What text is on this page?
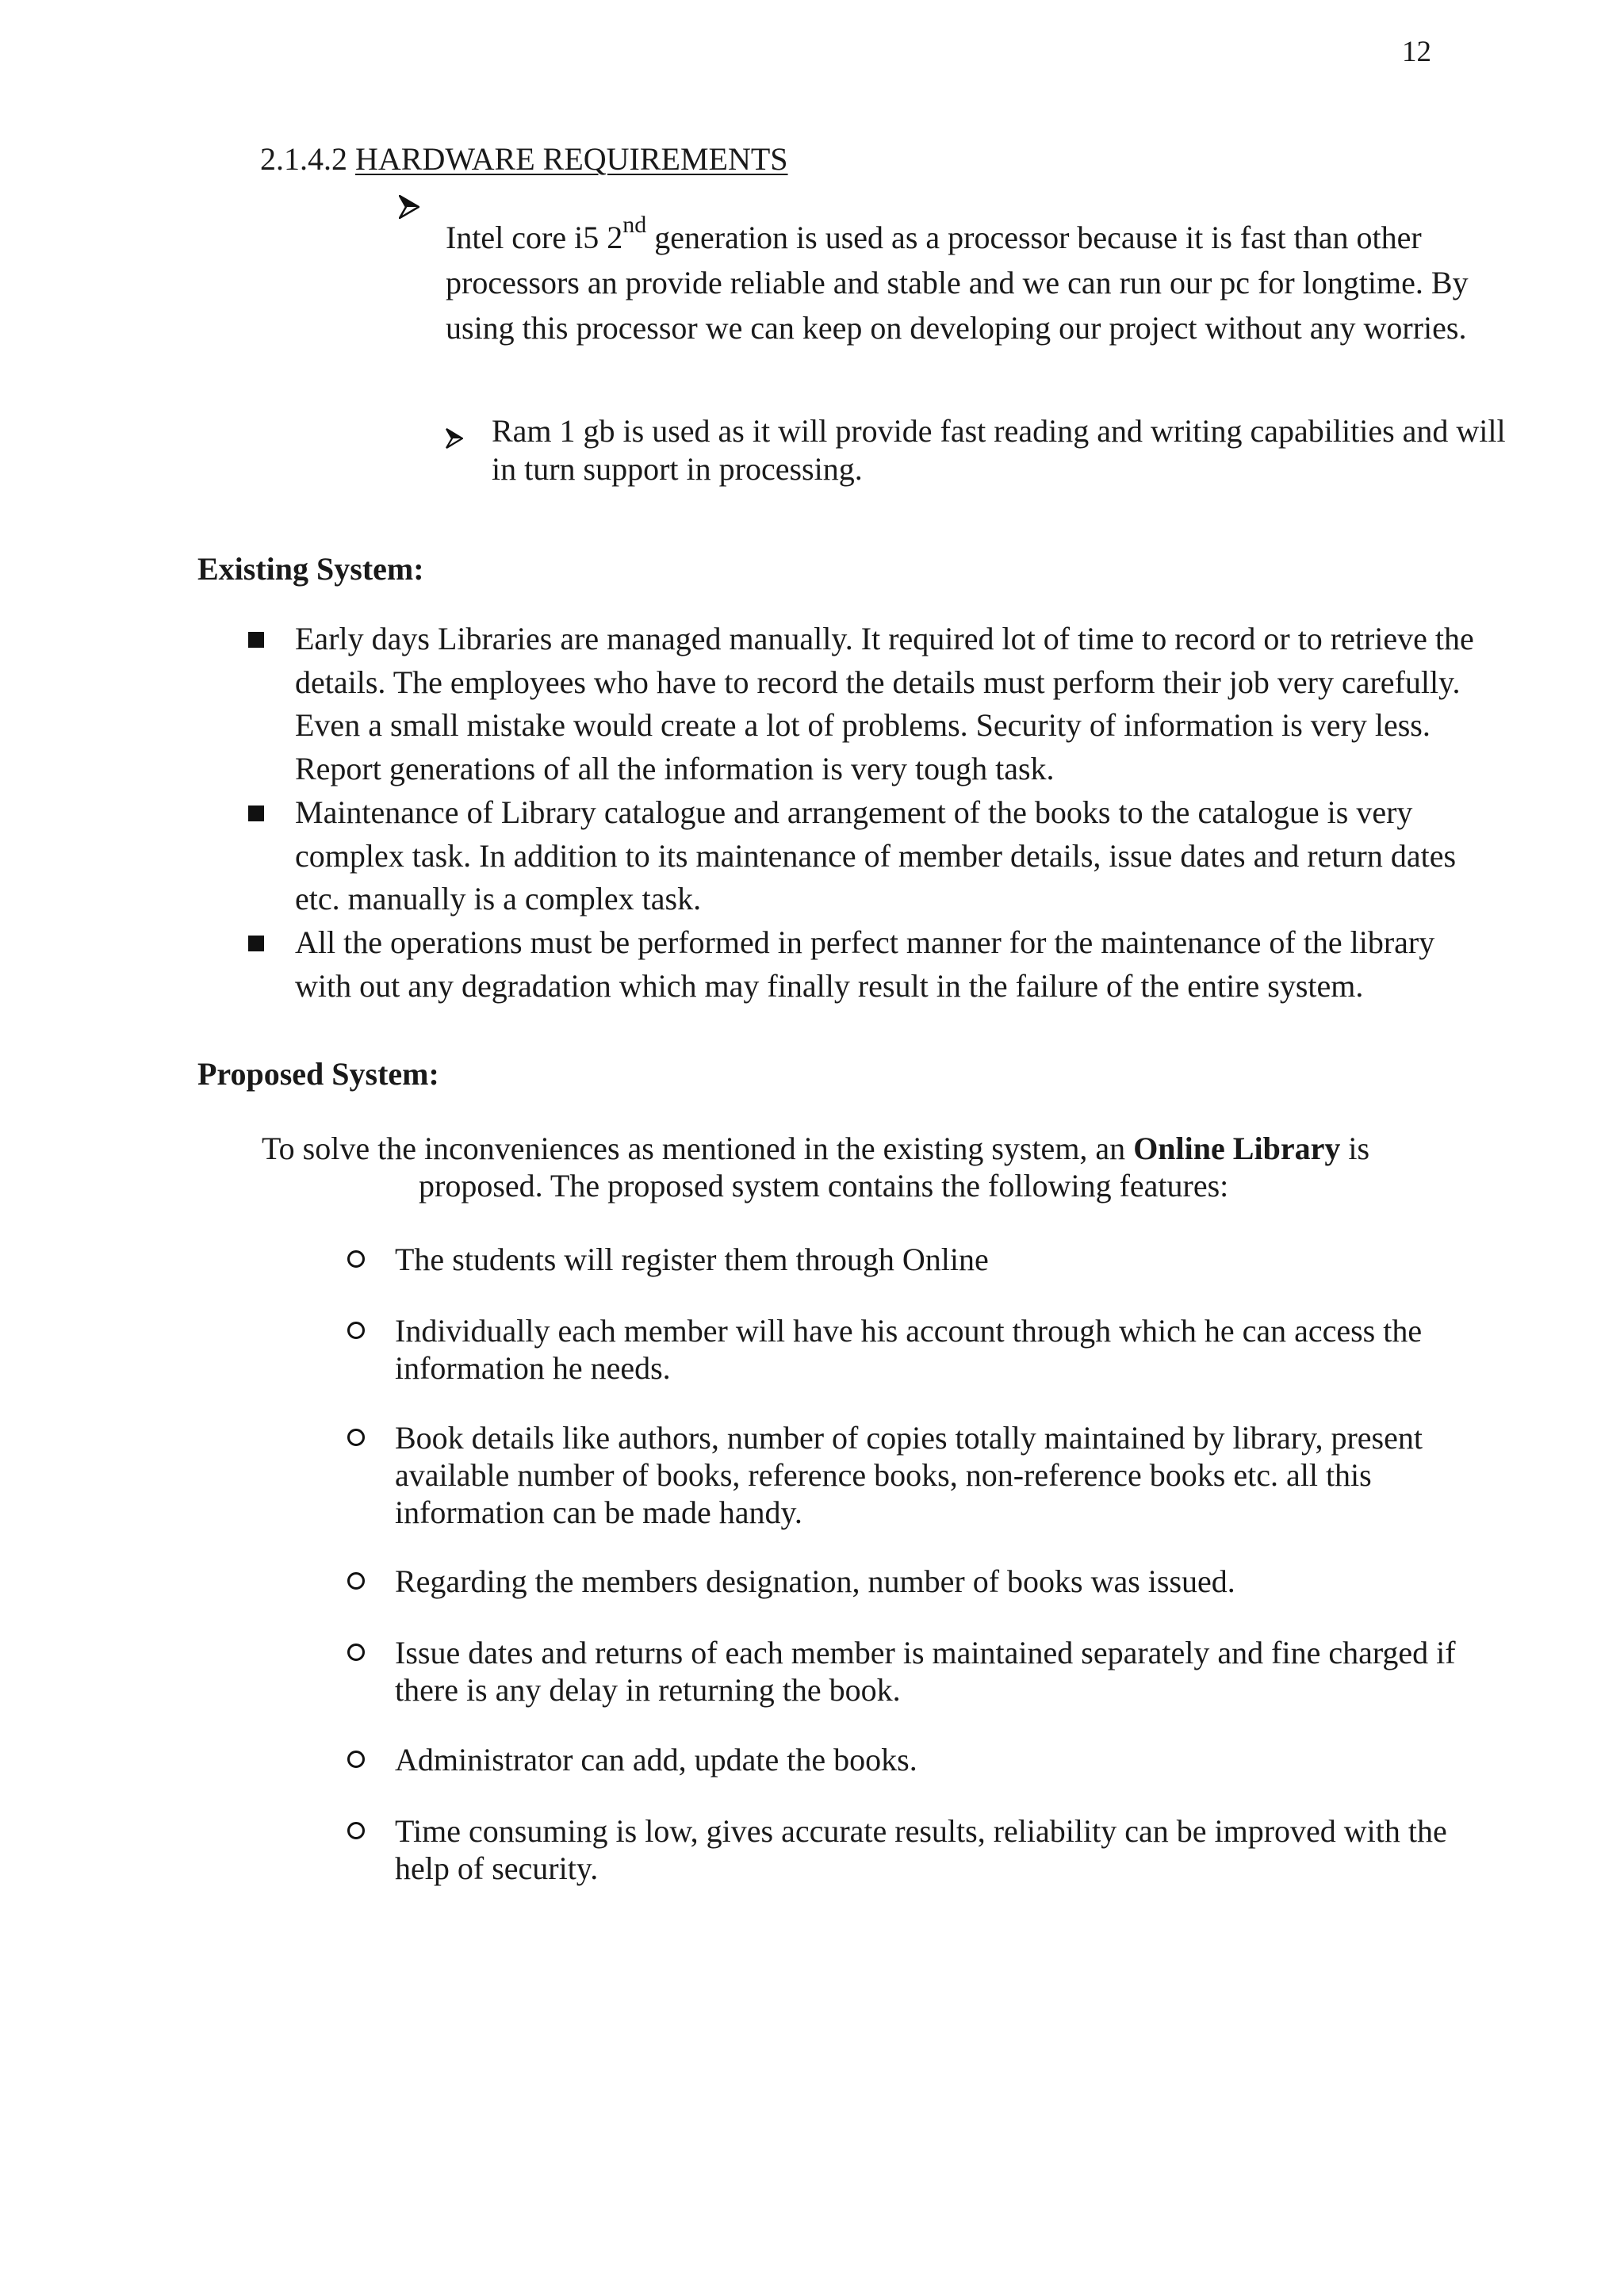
12
2.1.4.2 HARDWARE REQUIREMENTS
Intel core i5 2nd generation is used as a processor because it is fast than other processors an provide reliable and stable and we can run our pc for longtime. By using this processor we can keep on developing our project without any worries.
Ram 1 gb is used as it will provide fast reading and writing capabilities and will in turn support in processing.
Existing System:
Early days Libraries are managed manually. It required lot of time to record or to retrieve the details. The employees who have to record the details must perform their job very carefully. Even a small mistake would create a lot of problems. Security of information is very less. Report generations of all the information is very tough task.
Maintenance of Library catalogue and arrangement of the books to the catalogue is very complex task. In addition to its maintenance of member details, issue dates and return dates etc. manually is a complex task.
All the operations must be performed in perfect manner for the maintenance of the library with out any degradation which may finally result in the failure of the entire system.
Proposed System:
To solve the inconveniences as mentioned in the existing system, an Online Library is
proposed. The proposed system contains the following features:
The students will register them through Online
Individually each member will have his account through which he can access the information he needs.
Book details like authors, number of copies totally maintained by library, present available number of books, reference books, non-reference books etc. all this information can be made handy.
Regarding the members designation, number of books was issued.
Issue dates and returns of each member is maintained separately and fine charged if there is any delay in returning the book.
Administrator can add, update the books.
Time consuming is low, gives accurate results, reliability can be improved with the help of security.
